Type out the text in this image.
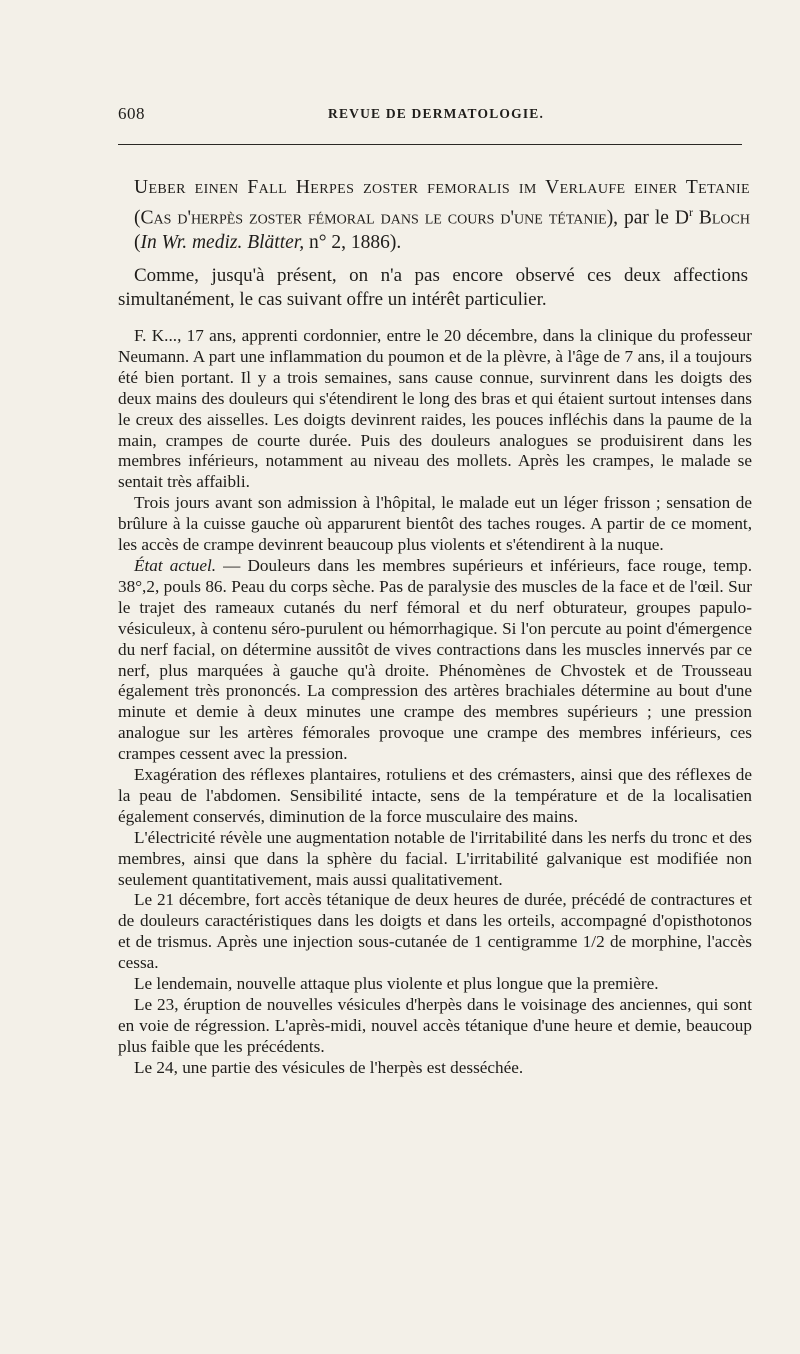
608	REVUE DE DERMATOLOGIE.
Ueber einen Fall Herpes zoster femoralis im Verlaufe einer Tetanie (Cas d'herpès zoster fémoral dans le cours d'une tétanie), par le $D^r$ Bloch (In Wr. mediz. Blätter, n° 2, 1886).

Comme, jusqu'à présent, on n'a pas encore observé ces deux affections simultanément, le cas suivant offre un intérêt particulier.

F. K..., 17 ans, apprenti cordonnier, entre le 20 décembre, dans la clinique du professeur Neumann. A part une inflammation du poumon et de la plèvre, à l'âge de 7 ans, il a toujours été bien portant. Il y a trois semaines, sans cause connue, survinrent dans les doigts des deux mains des douleurs qui s'étendirent le long des bras et qui étaient surtout intenses dans le creux des aisselles. Les doigts devinrent raides, les pouces infléchis dans la paume de la main, crampes de courte durée. Puis des douleurs analogues se produisirent dans les membres inférieurs, notamment au niveau des mollets. Après les crampes, le malade se sentait très affaibli.

Trois jours avant son admission à l'hôpital, le malade eut un léger frisson ; sensation de brûlure à la cuisse gauche où apparurent bientôt des taches rouges. A partir de ce moment, les accès de crampe devinrent beaucoup plus violents et s'étendirent à la nuque.

État actuel. — Douleurs dans les membres supérieurs et inférieurs, face rouge, temp. 38°,2, pouls 86. Peau du corps sèche. Pas de paralysie des muscles de la face et de l'œil. Sur le trajet des rameaux cutanés du nerf fémoral et du nerf obturateur, groupes papulo-vésiculeux, à contenu séro-purulent ou hémorrhagique. Si l'on percute au point d'émergence du nerf facial, on détermine aussitôt de vives contractions dans les muscles innervés par ce nerf, plus marquées à gauche qu'à droite. Phénomènes de Chvostek et de Trousseau également très prononcés. La compression des artères brachiales détermine au bout d'une minute et demie à deux minutes une crampe des membres supérieurs ; une pression analogue sur les artères fémorales provoque une crampe des membres inférieurs, ces crampes cessent avec la pression.

Exagération des réflexes plantaires, rotuliens et des crémasters, ainsi que des réflexes de la peau de l'abdomen. Sensibilité intacte, sens de la température et de la localisatien également conservés, diminution de la force musculaire des mains.

L'électricité révèle une augmentation notable de l'irritabilité dans les nerfs du tronc et des membres, ainsi que dans la sphère du facial. L'irritabilité galvanique est modifiée non seulement quantitativement, mais aussi qualitativement.

Le 21 décembre, fort accès tétanique de deux heures de durée, précédé de contractures et de douleurs caractéristiques dans les doigts et dans les orteils, accompagné d'opisthotonos et de trismus. Après une injection sous-cutanée de 1 centigramme 1/2 de morphine, l'accès cessa.

Le lendemain, nouvelle attaque plus violente et plus longue que la première.

Le 23, éruption de nouvelles vésicules d'herpès dans le voisinage des anciennes, qui sont en voie de régression. L'après-midi, nouvel accès tétanique d'une heure et demie, beaucoup plus faible que les précédents.

Le 24, une partie des vésicules de l'herpès est desséchée.
